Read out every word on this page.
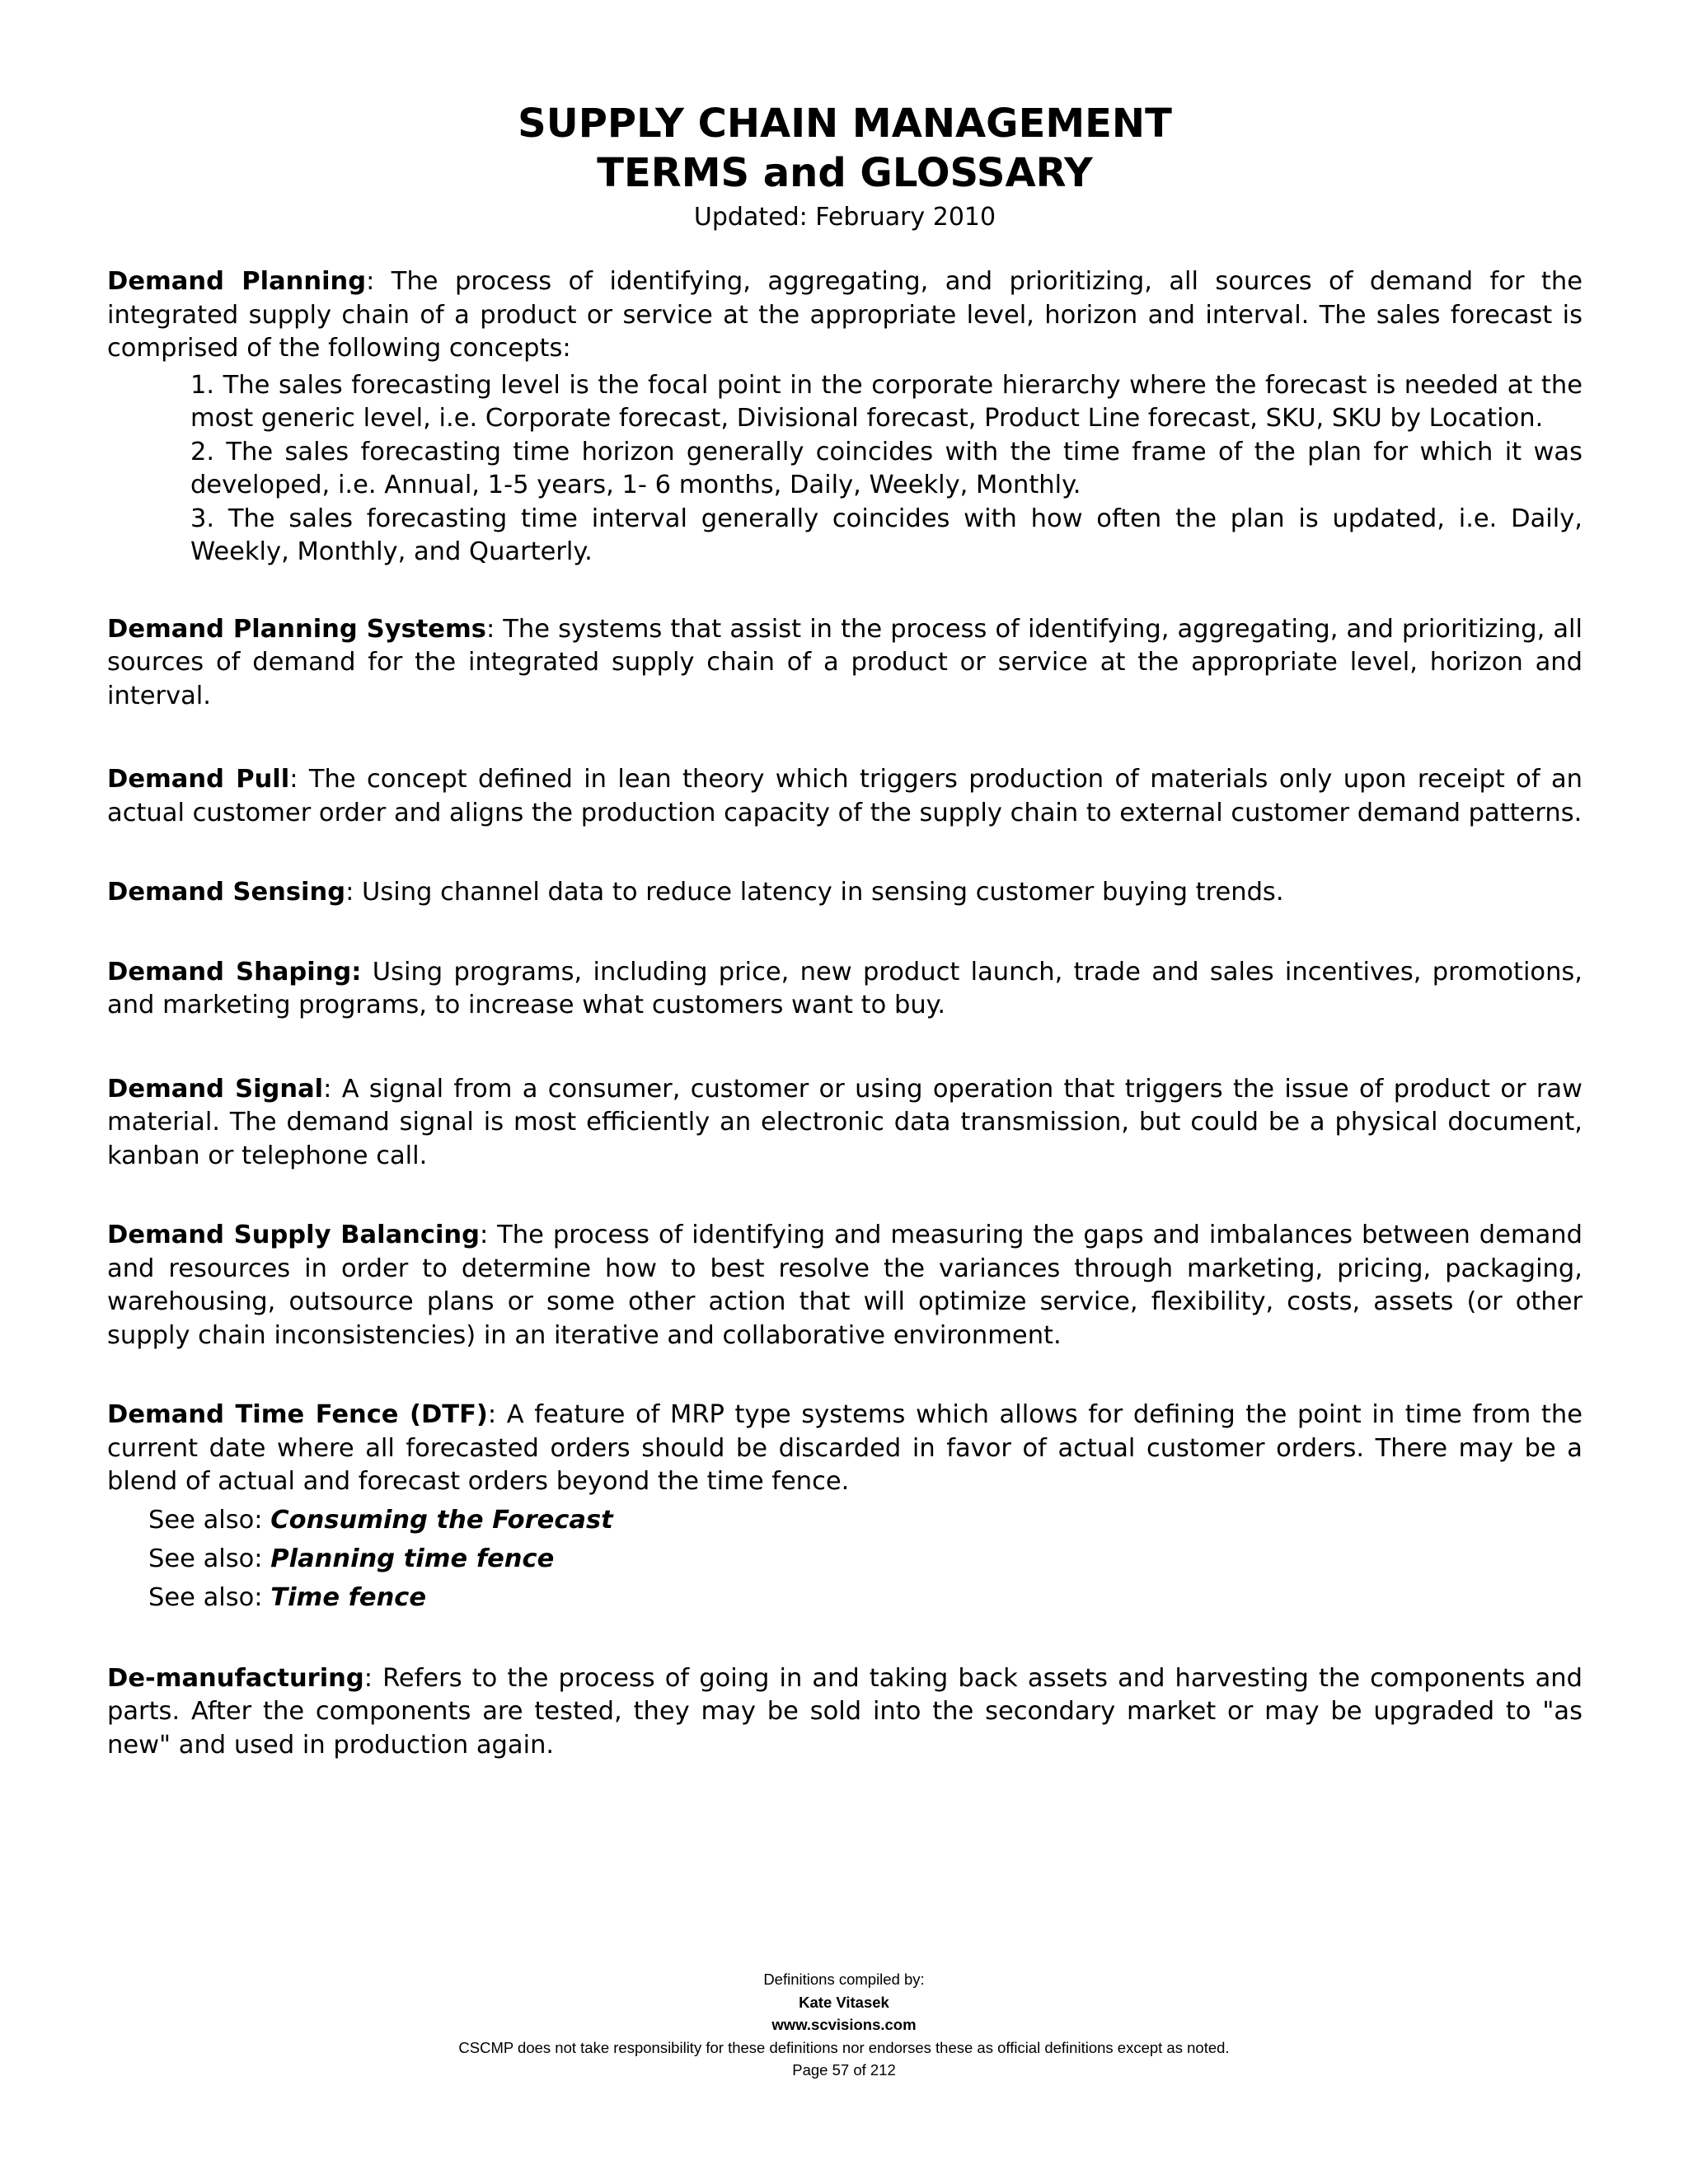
SUPPLY CHAIN MANAGEMENT
TERMS and GLOSSARY
Updated: February 2010

Demand Planning: The process of identifying, aggregating, and prioritizing, all sources of demand for the integrated supply chain of a product or service at the appropriate level, horizon and interval. The sales forecast is comprised of the following concepts:

1. The sales forecasting level is the focal point in the corporate hierarchy where the forecast is needed at the most generic level, i.e. Corporate forecast, Divisional forecast, Product Line forecast, SKU, SKU by Location.

2. The sales forecasting time horizon generally coincides with the time frame of the plan for which it was developed, i.e. Annual, 1-5 years, 1- 6 months, Daily, Weekly, Monthly.

3. The sales forecasting time interval generally coincides with how often the plan is updated, i.e. Daily, Weekly, Monthly, and Quarterly.

Demand Planning Systems: The systems that assist in the process of identifying, aggregating, and prioritizing, all sources of demand for the integrated supply chain of a product or service at the appropriate level, horizon and interval.

Demand Pull: The concept defined in lean theory which triggers production of materials only upon receipt of an actual customer order and aligns the production capacity of the supply chain to external customer demand patterns.

Demand Sensing: Using channel data to reduce latency in sensing customer buying trends.

Demand Shaping: Using programs, including price, new product launch, trade and sales incentives, promotions, and marketing programs, to increase what customers want to buy.

Demand Signal: A signal from a consumer, customer or using operation that triggers the issue of product or raw material. The demand signal is most efficiently an electronic data transmission, but could be a physical document, kanban or telephone call.

Demand Supply Balancing: The process of identifying and measuring the gaps and imbalances between demand and resources in order to determine how to best resolve the variances through marketing, pricing, packaging, warehousing, outsource plans or some other action that will optimize service, flexibility, costs, assets (or other supply chain inconsistencies) in an iterative and collaborative environment.

Demand Time Fence (DTF): A feature of MRP type systems which allows for defining the point in time from the current date where all forecasted orders should be discarded in favor of actual customer orders. There may be a blend of actual and forecast orders beyond the time fence.

See also: Consuming the Forecast
See also: Planning time fence
See also: Time fence

De-manufacturing: Refers to the process of going in and taking back assets and harvesting the components and parts. After the components are tested, they may be sold into the secondary market or may be upgraded to "as new" and used in production again.

Definitions compiled by:
Kate Vitasek
www.scvisions.com
CSCMP does not take responsibility for these definitions nor endorses these as official definitions except as noted.
Page 57 of 212
